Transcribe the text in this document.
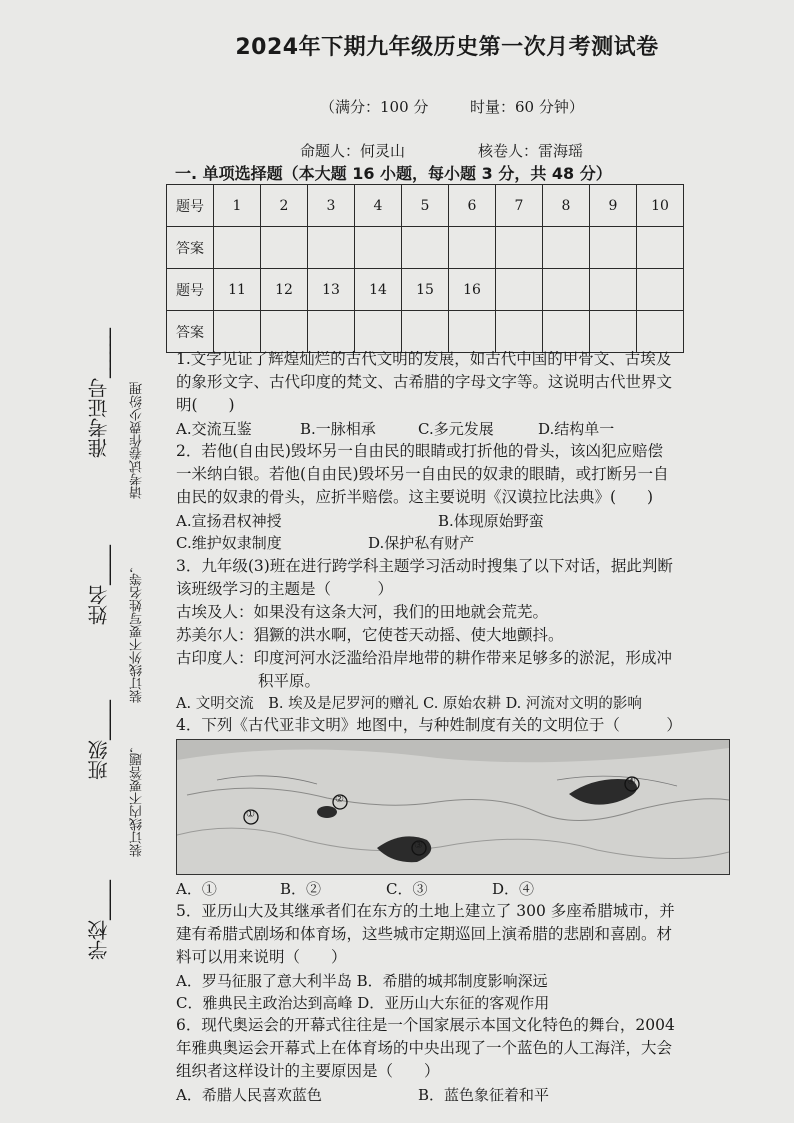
2024年下期九年级历史第一次月考测试卷
（满分：100 分	时量：60 分钟）
命题人：何灵山	核卷人：雷海瑶
一. 单项选择题（本大题 16 小题，每小题 3 分，共 48 分）
题号	1	2	3	4	5	6	7	8	9	10
答案										
题号	11	12	13	14	15	16				
答案										
准考证号______
姓名____
班级____
学校____
请考试卷作费少纷理
装订线外不要写姓名等，
装订线内不要答题，
1.文字见证了辉煌灿烂的古代文明的发展，如古代中国的甲骨文、古埃及
的象形文字、古代印度的梵文、古希腊的字母文字等。这说明古代世界文
明(　　)
A.交流互鉴	B.一脉相承	C.多元发展	D.结构单一
2．若他(自由民)毁坏另一自由民的眼睛或打折他的骨头，该凶犯应赔偿
一米纳白银。若他(自由民)毁坏另一自由民的奴隶的眼睛，或打断另一自
由民的奴隶的骨头，应折半赔偿。这主要说明《汉谟拉比法典》(　　)
A.宣扬君权神授	B.体现原始野蛮
C.维护奴隶制度	D.保护私有财产
3．九年级(3)班在进行跨学科主题学习活动时搜集了以下对话，据此判断
该班级学习的主题是（　　　）
古埃及人：如果没有这条大河，我们的田地就会荒芜。
苏美尔人：猖獗的洪水啊，它使苍天动摇、使大地颤抖。
古印度人：印度河河水泛滥给沿岸地带的耕作带来足够多的淤泥，形成冲
积平原。
A. 文明交流　B. 埃及是尼罗河的赠礼 C. 原始农耕 D. 河流对文明的影响
4．下列《古代亚非文明》地图中，与种姓制度有关的文明位于（　　　）
①
②
③
④
A．①	B．②	C．③	D．④
5．亚历山大及其继承者们在东方的土地上建立了 300 多座希腊城市，并
建有希腊式剧场和体育场，这些城市定期巡回上演希腊的悲剧和喜剧。材
料可以用来说明（　　）
A．罗马征服了意大利半岛 B．希腊的城邦制度影响深远
C．雅典民主政治达到高峰 D．亚历山大东征的客观作用
6．现代奥运会的开幕式往往是一个国家展示本国文化特色的舞台，2004
年雅典奥运会开幕式上在体育场的中央出现了一个蓝色的人工海洋，大会
组织者这样设计的主要原因是（　　）
A．希腊人民喜欢蓝色	B．蓝色象征着和平
